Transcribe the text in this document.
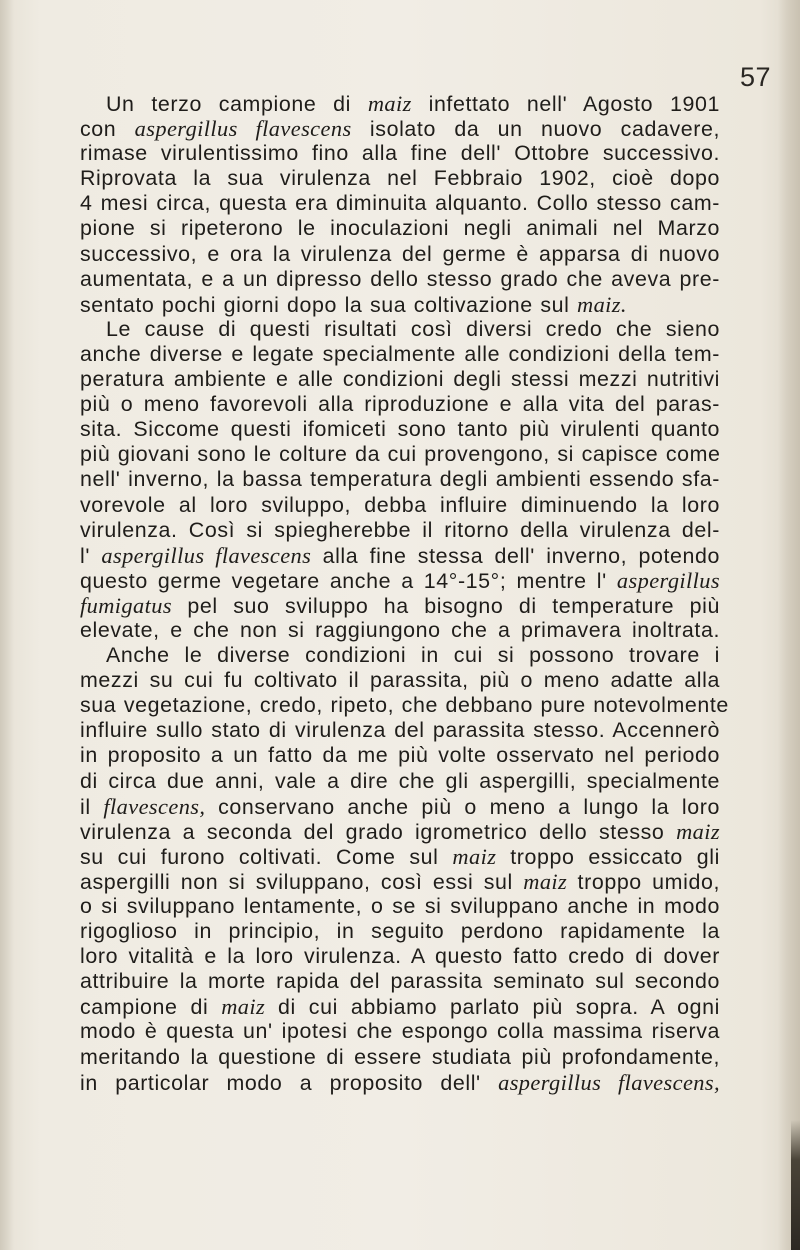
57
Un terzo campione di maiz infettato nell' Agosto 1901
con aspergillus flavescens isolato da un nuovo cadavere,
rimase virulentissimo fino alla fine dell' Ottobre successivo.
Riprovata la sua virulenza nel Febbraio 1902, cioè dopo
4 mesi circa, questa era diminuita alquanto. Collo stesso cam-
pione si ripeterono le inoculazioni negli animali nel Marzo
successivo, e ora la virulenza del germe è apparsa di nuovo
aumentata, e a un dipresso dello stesso grado che aveva pre-
sentato pochi giorni dopo la sua coltivazione sul maiz.
Le cause di questi risultati così diversi credo che sieno
anche diverse e legate specialmente alle condizioni della tem-
peratura ambiente e alle condizioni degli stessi mezzi nutritivi
più o meno favorevoli alla riproduzione e alla vita del paras-
sita. Siccome questi ifomiceti sono tanto più virulenti quanto
più giovani sono le colture da cui provengono, si capisce come
nell' inverno, la bassa temperatura degli ambienti essendo sfa-
vorevole al loro sviluppo, debba influire diminuendo la loro
virulenza. Così si spiegherebbe il ritorno della virulenza del-
l' aspergillus flavescens alla fine stessa dell' inverno, potendo
questo germe vegetare anche a 14°-15°; mentre l' aspergillus
fumigatus pel suo sviluppo ha bisogno di temperature più
elevate, e che non si raggiungono che a primavera inoltrata.
Anche le diverse condizioni in cui si possono trovare i
mezzi su cui fu coltivato il parassita, più o meno adatte alla
sua vegetazione, credo, ripeto, che debbano pure notevolmente
influire sullo stato di virulenza del parassita stesso. Accennerò
in proposito a un fatto da me più volte osservato nel periodo
di circa due anni, vale a dire che gli aspergilli, specialmente
il flavescens, conservano anche più o meno a lungo la loro
virulenza a seconda del grado igrometrico dello stesso maiz
su cui furono coltivati. Come sul maiz troppo essiccato gli
aspergilli non si sviluppano, così essi sul maiz troppo umido,
o si sviluppano lentamente, o se si sviluppano anche in modo
rigoglioso in principio, in seguito perdono rapidamente la
loro vitalità e la loro virulenza. A questo fatto credo di dover
attribuire la morte rapida del parassita seminato sul secondo
campione di maiz di cui abbiamo parlato più sopra. A ogni
modo è questa un' ipotesi che espongo colla massima riserva
meritando la questione di essere studiata più profondamente,
in particolar modo a proposito dell' aspergillus flavescens,
